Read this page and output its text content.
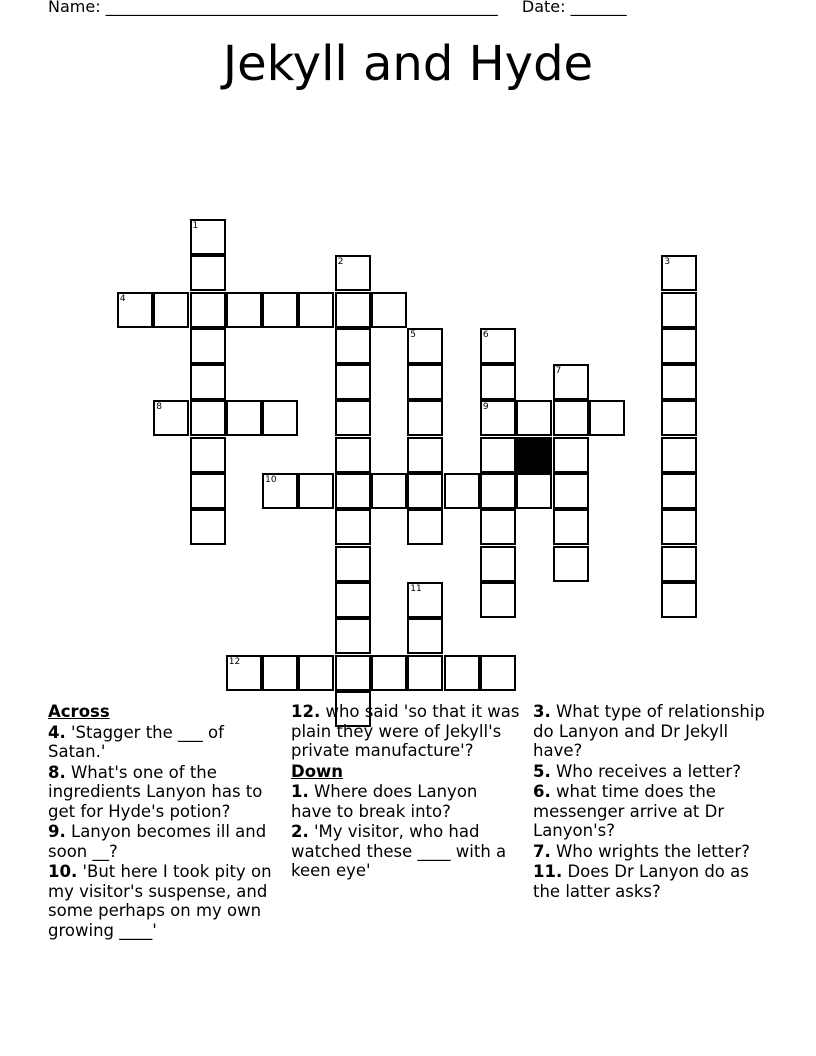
Name: _________________________________________________ Date: _______
Jekyll and Hyde
1
2	3
4
5	6
7
8	9
10
11
12
Across
4. 'Stagger the ___ of Satan.'
8. What's one of the ingredients Lanyon has to get for Hyde's potion?
9. Lanyon becomes ill and soon __?
10. 'But here I took pity on my visitor's suspense, and some perhaps on my own growing ____'
12. who said 'so that it was plain they were of Jekyll's private manufacture'?
Down
1. Where does Lanyon have to break into?
2. 'My visitor, who had watched these ____ with a keen eye'
3. What type of relationship do Lanyon and Dr Jekyll have?
5. Who receives a letter?
6. what time does the messenger arrive at Dr Lanyon's?
7. Who wrights the letter?
11. Does Dr Lanyon do as the latter asks?
